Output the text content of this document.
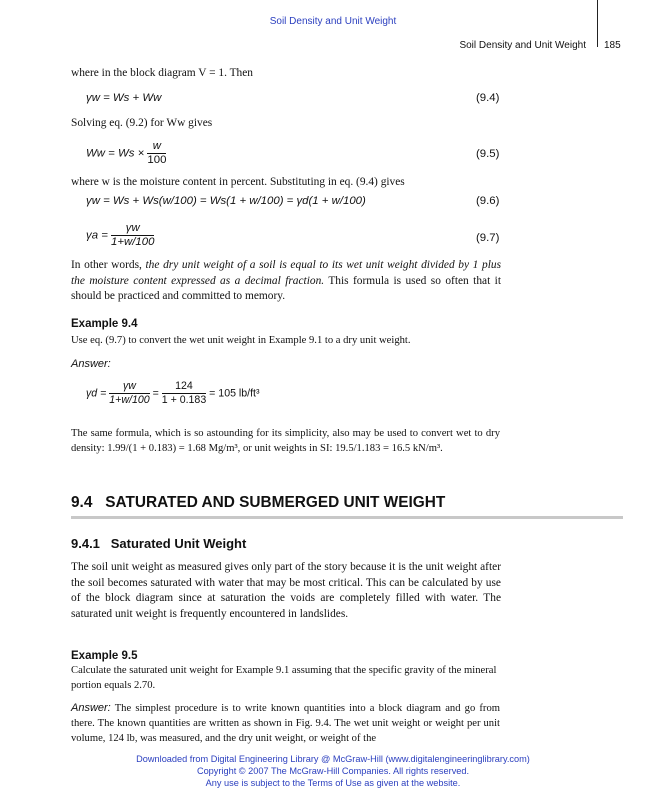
Soil Density and Unit Weight
Soil Density and Unit Weight 185
where in the block diagram V = 1. Then
γw = Ws + Ww	(9.4)
Solving eq. (9.2) for Ww gives
$Ww = Ws \times \frac{w}{100}$	(9.5)
where w is the moisture content in percent. Substituting in eq. (9.4) gives
γw = Ws + Ws(w/100) = Ws(1 + w/100) = γd(1 + w/100)	(9.6)
$\gamma a = \frac{\gamma w}{1+w/100}$	(9.7)
In other words, the dry unit weight of a soil is equal to its wet unit weight divided by 1 plus the moisture content expressed as a decimal fraction. This formula is used so often that it should be practiced and committed to memory.
Example 9.4
Use eq. (9.7) to convert the wet unit weight in Example 9.1 to a dry unit weight.
Answer:
$\gamma d = \frac{\gamma w}{1+w/100} = \frac{124}{1 + 0.183} = 105$ lb/ft³
The same formula, which is so astounding for its simplicity, also may be used to convert wet to dry density: 1.99/(1 + 0.183) = 1.68 Mg/m³, or unit weights in SI: 19.5/1.183 = 16.5 kN/m³.
9.4   SATURATED AND SUBMERGED UNIT WEIGHT
9.4.1   Saturated Unit Weight
The soil unit weight as measured gives only part of the story because it is the unit weight after the soil becomes saturated with water that may be most critical. This can be calculated by use of the block diagram since at saturation the voids are completely filled with water. The saturated unit weight is frequently encountered in landslides.
Example 9.5
Calculate the saturated unit weight for Example 9.1 assuming that the specific gravity of the mineral portion equals 2.70.
Answer: The simplest procedure is to write known quantities into a block diagram and go from there. The known quantities are written as shown in Fig. 9.4. The wet unit weight or weight per unit volume, 124 lb, was measured, and the dry unit weight, or weight of the
Downloaded from Digital Engineering Library @ McGraw-Hill (www.digitalengineeringlibrary.com)
Copyright © 2007 The McGraw-Hill Companies. All rights reserved.
Any use is subject to the Terms of Use as given at the website.
